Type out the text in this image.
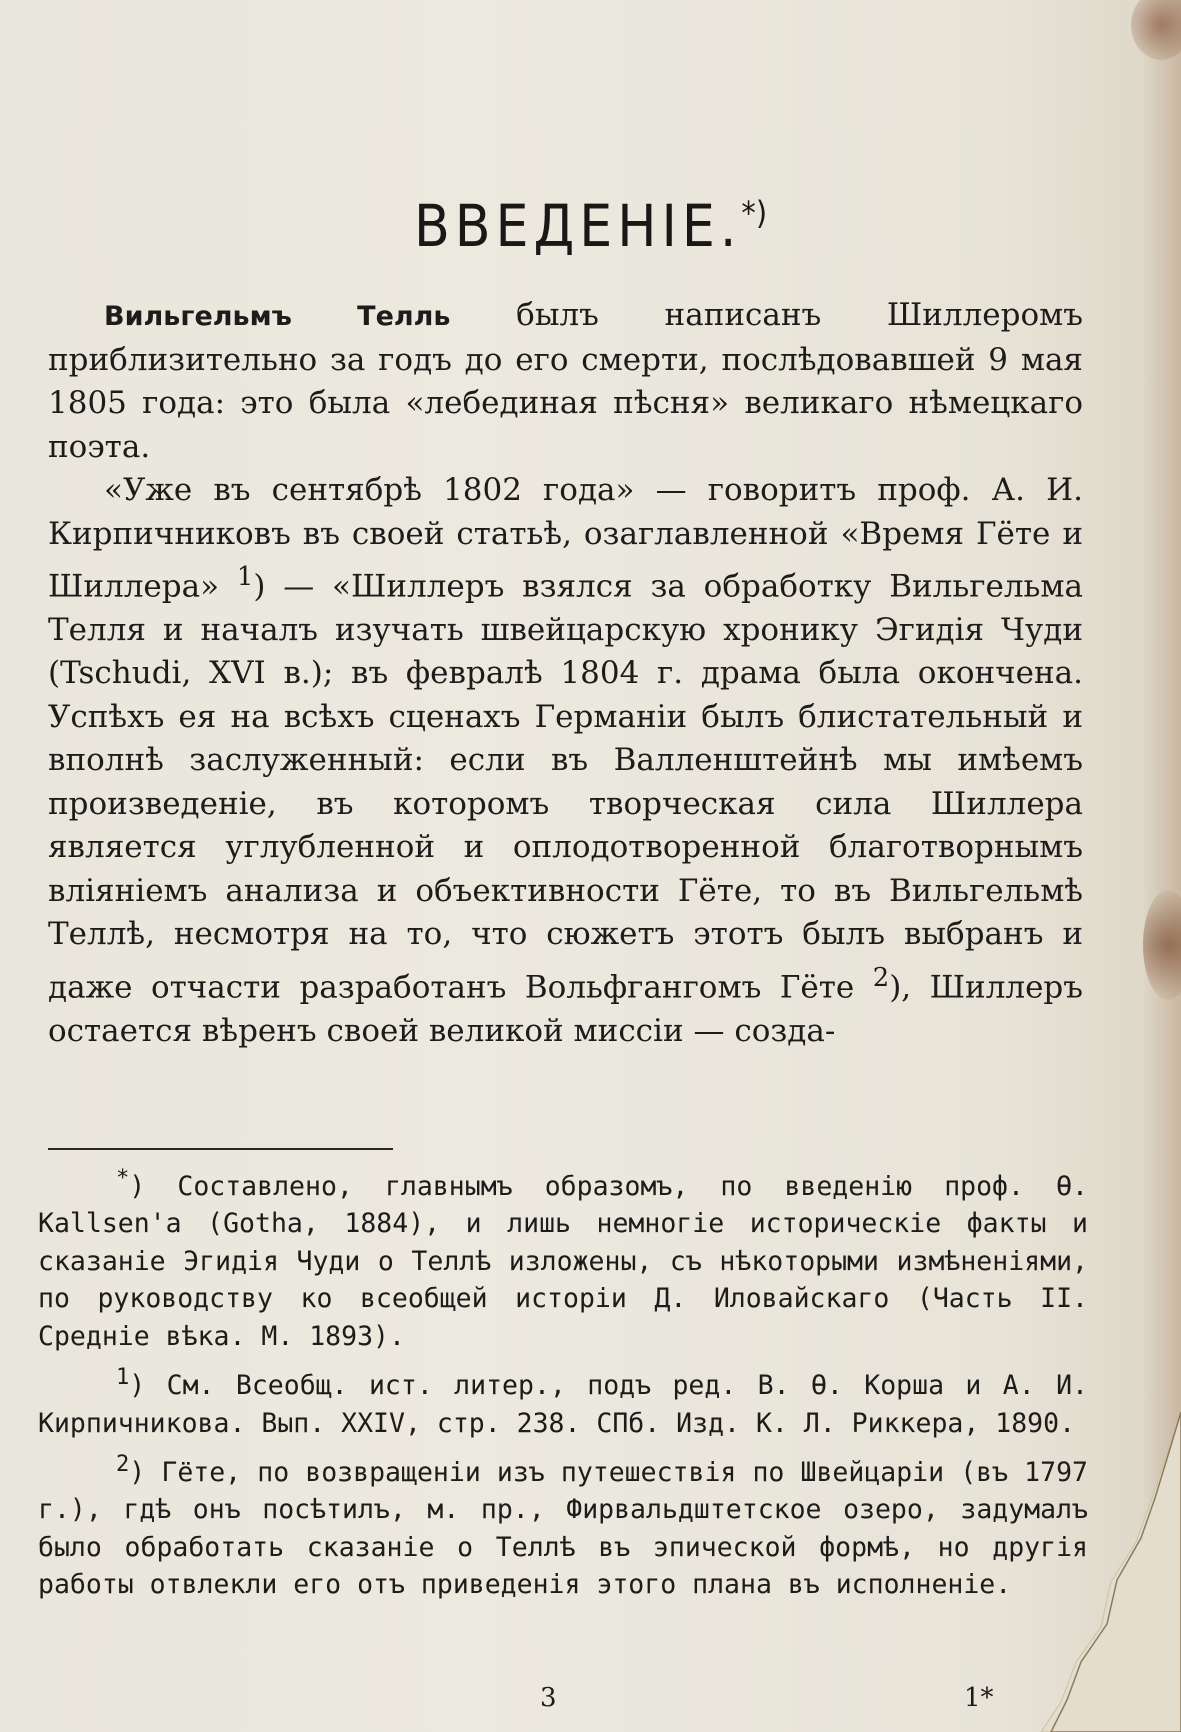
ВВЕДЕНІЕ.*)

Вильгельмъ Телль былъ написанъ Шиллеромъ приблизительно за годъ до его смерти, послѣдовавшей 9 мая 1805 года: это была «лебединая пѣсня» великаго нѣмецкаго поэта.

«Уже въ сентябрѣ 1802 года» — говоритъ проф. А. И. Кирпичниковъ въ своей статьѣ, озаглавленной «Время Гёте и Шиллера» $^1$) — «Шиллеръ взялся за обработку Вильгельма Телля и началъ изучать швейцарскую хронику Эгидія Чуди (Tschudi, XVI в.); въ февралѣ 1804 г. драма была окончена. Успѣхъ ея на всѣхъ сценахъ Германіи былъ блистательный и вполнѣ заслуженный: если въ Валленштейнѣ мы имѣемъ произведеніе, въ которомъ творческая сила Шиллера является углубленной и оплодотворенной благотворнымъ вліяніемъ анализа и объективности Гёте, то въ Вильгельмѣ Теллѣ, несмотря на то, что сюжетъ этотъ былъ выбранъ и даже отчасти разработанъ Вольфгангомъ Гёте $^2$), Шиллеръ остается вѣренъ своей великой миссіи — созда-

*) Составлено, главнымъ образомъ, по введенію проф. Ѳ. Kallsen'a (Gotha, 1884), и лишь немногіе историческіе факты и сказаніе Эгидія Чуди о Теллѣ изложены, съ нѣкоторыми измѣненіями, по руководству ко всеобщей исторіи Д. Иловайскаго (Часть II. Средніе вѣка. М. 1893).

$^1$) См. Всеобщ. ист. литер., подъ ред. В. Ѳ. Корша и А. И. Кирпичникова. Вып. XXIV, стр. 238. СПб. Изд. К. Л. Риккера, 1890.

$^2$) Гёте, по возвращеніи изъ путешествія по Швейцаріи (въ 1797 г.), гдѣ онъ посѣтилъ, м. пр., Фирвальдштетское озеро, задумалъ было обработать сказаніе о Теллѣ въ эпической формѣ, но другія работы отвлекли его отъ приведенія этого плана въ исполненіе.

3	1*
